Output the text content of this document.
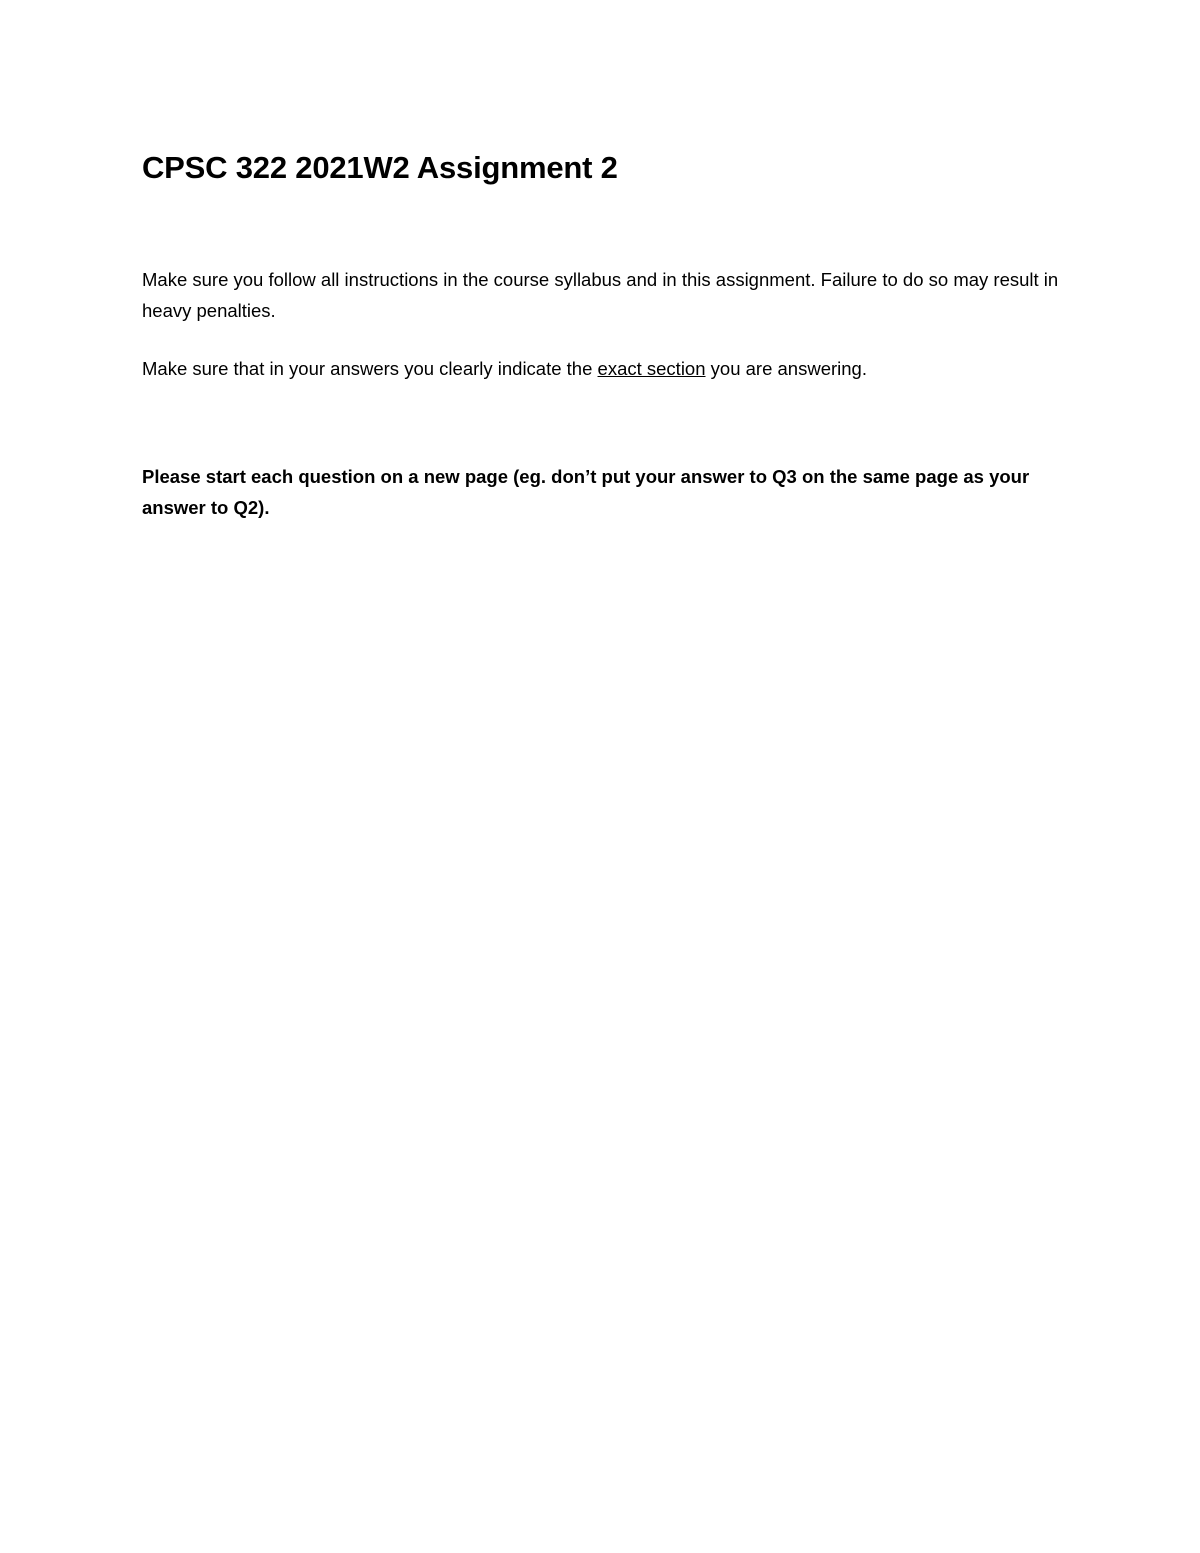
CPSC 322 2021W2 Assignment 2

Make sure you follow all instructions in the course syllabus and in this assignment. Failure to do so may result in heavy penalties.

Make sure that in your answers you clearly indicate the exact section you are answering.

Please start each question on a new page (eg. don’t put your answer to Q3 on the same page as your answer to Q2).
